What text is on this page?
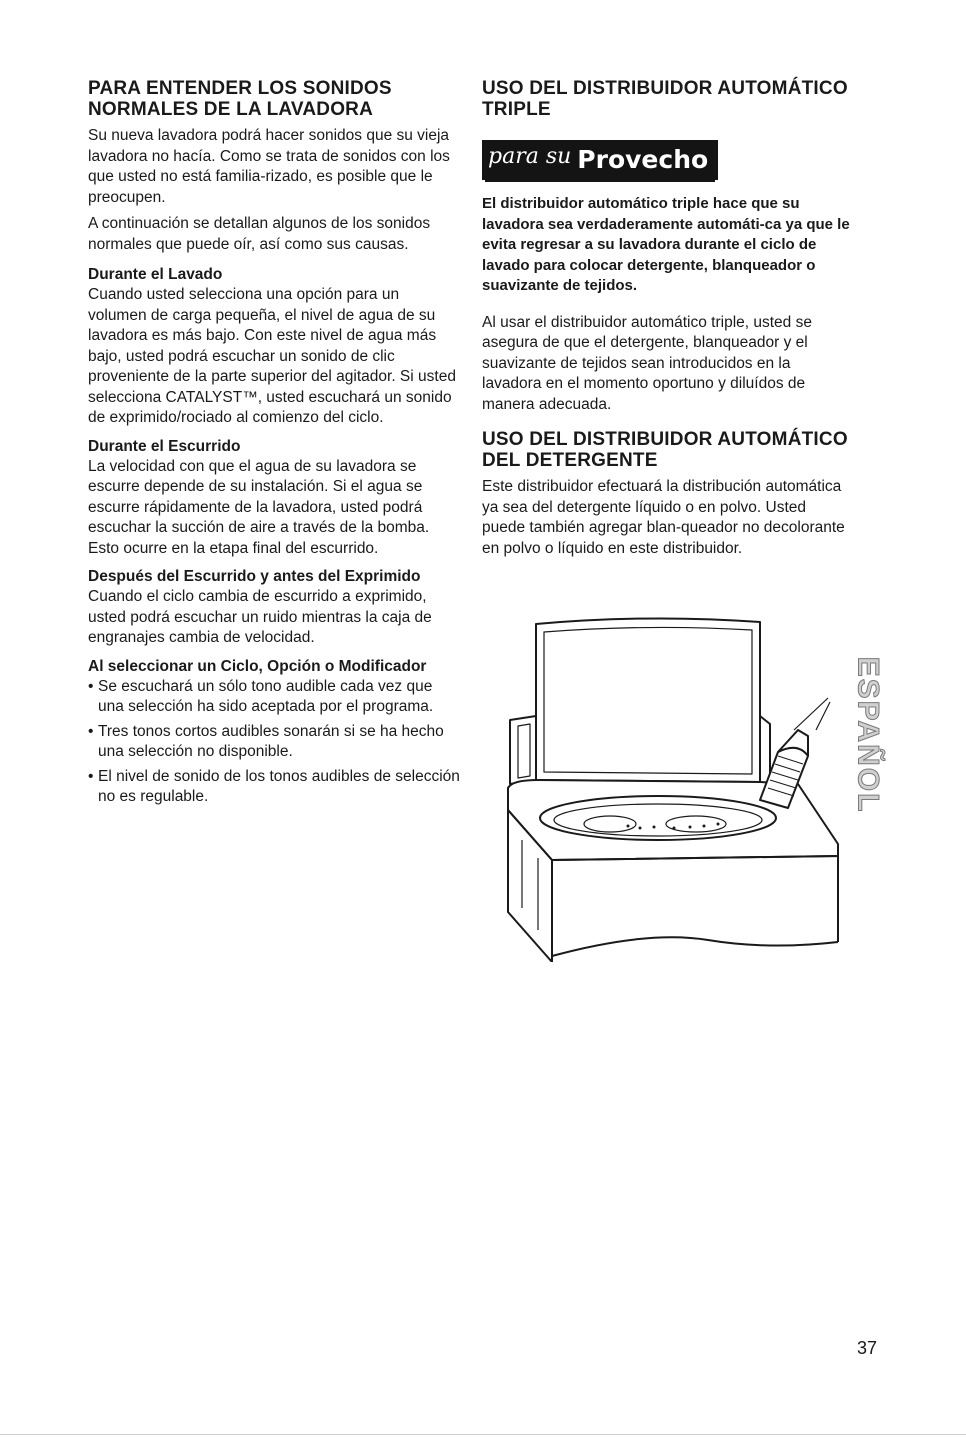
PARA ENTENDER LOS SONIDOS NORMALES DE LA LAVADORA

Su nueva lavadora podrá hacer sonidos que su vieja lavadora no hacía. Como se trata de sonidos con los que usted no está familia-rizado, es posible que le preocupen.

A continuación se detallan algunos de los sonidos normales que puede oír, así como sus causas.

Durante el Lavado

Cuando usted selecciona una opción para un volumen de carga pequeña, el nivel de agua de su lavadora es más bajo. Con este nivel de agua más bajo, usted podrá escuchar un sonido de clic proveniente de la parte superior del agitador. Si usted selecciona CATALYST™, usted escuchará un sonido de exprimido/rociado al comienzo del ciclo.

Durante el Escurrido

La velocidad con que el agua de su lavadora se escurre depende de su instalación. Si el agua se escurre rápidamente de la lavadora, usted podrá escuchar la succión de aire a través de la bomba. Esto ocurre en la etapa final del escurrido.

Después del Escurrido y antes del Exprimido

Cuando el ciclo cambia de escurrido a exprimido, usted podrá escuchar un ruido mientras la caja de engranajes cambia de velocidad.

Al seleccionar un Ciclo, Opción o Modificador
• Se escuchará un sólo tono audible cada vez que una selección ha sido aceptada por el programa.
• Tres tonos cortos audibles sonarán si se ha hecho una selección no disponible.
• El nivel de sonido de los tonos audibles de selección no es regulable.
USO DEL DISTRIBUIDOR AUTOMÁTICO TRIPLE
para su Provecho

El distribuidor automático triple hace que su lavadora sea verdaderamente automáti-ca ya que le evita regresar a su lavadora durante el ciclo de lavado para colocar detergente, blanqueador o suavizante de tejidos.

Al usar el distribuidor automático triple, usted se asegura de que el detergente, blanqueador y el suavizante de tejidos sean introducidos en la lavadora en el momento oportuno y diluídos de manera adecuada.

USO DEL DISTRIBUIDOR AUTOMÁTICO DEL DETERGENTE

Este distribuidor efectuará la distribución automática ya sea del detergente líquido o en polvo. Usted puede también agregar blan-queador no decolorante en polvo o líquido en este distribuidor.

ESPAÑOL
37
